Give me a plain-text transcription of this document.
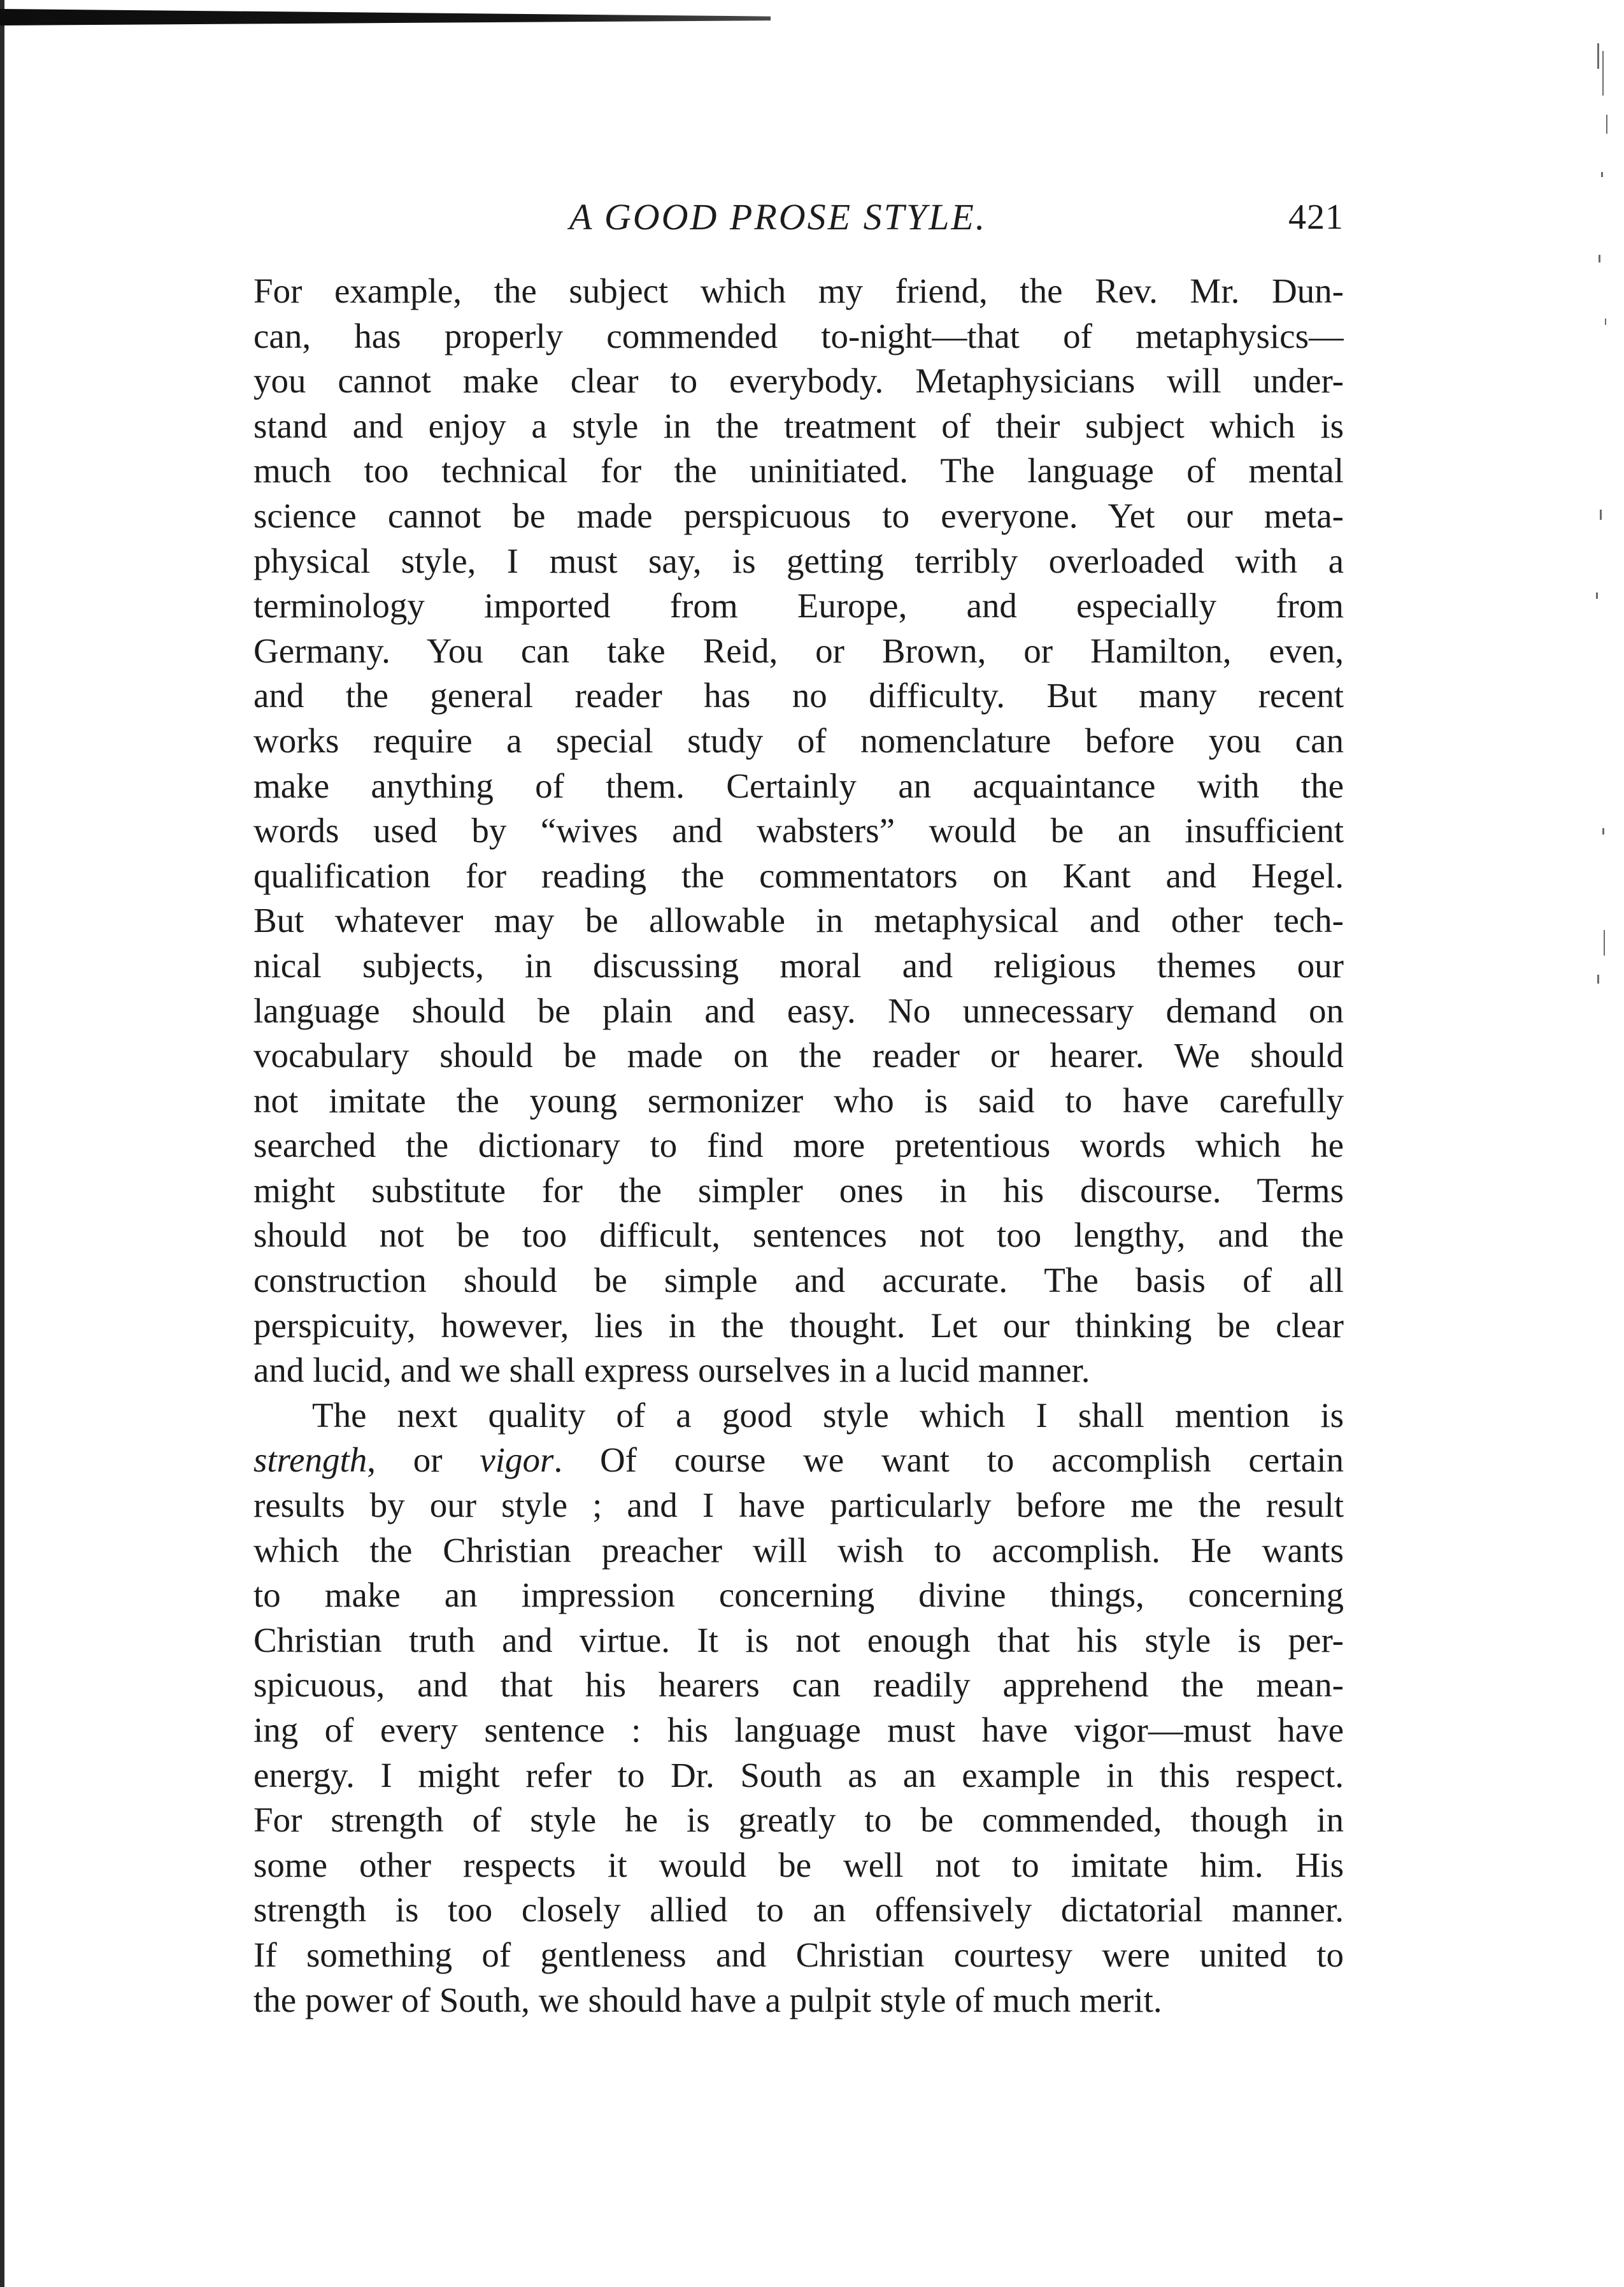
A GOOD PROSE STYLE.	421
For example, the subject which my friend, the Rev. Mr. Dun-
can, has properly commended to-night—that of metaphysics—
you cannot make clear to everybody. Metaphysicians will under-
stand and enjoy a style in the treatment of their subject which is
much too technical for the uninitiated. The language of mental
science cannot be made perspicuous to everyone. Yet our meta-
physical style, I must say, is getting terribly overloaded with a
terminology imported from Europe, and especially from
Germany. You can take Reid, or Brown, or Hamilton, even,
and the general reader has no difficulty. But many recent
works require a special study of nomenclature before you can
make anything of them. Certainly an acquaintance with the
words used by “wives and wabsters” would be an insufficient
qualification for reading the commentators on Kant and Hegel.
But whatever may be allowable in metaphysical and other tech-
nical subjects, in discussing moral and religious themes our
language should be plain and easy. No unnecessary demand on
vocabulary should be made on the reader or hearer. We should
not imitate the young sermonizer who is said to have carefully
searched the dictionary to find more pretentious words which he
might substitute for the simpler ones in his discourse. Terms
should not be too difficult, sentences not too lengthy, and the
construction should be simple and accurate. The basis of all
perspicuity, however, lies in the thought. Let our thinking be clear
and lucid, and we shall express ourselves in a lucid manner.
The next quality of a good style which I shall mention is
strength, or vigor. Of course we want to accomplish certain
results by our style ; and I have particularly before me the result
which the Christian preacher will wish to accomplish. He wants
to make an impression concerning divine things, concerning
Christian truth and virtue. It is not enough that his style is per-
spicuous, and that his hearers can readily apprehend the mean-
ing of every sentence : his language must have vigor—must have
energy. I might refer to Dr. South as an example in this respect.
For strength of style he is greatly to be commended, though in
some other respects it would be well not to imitate him. His
strength is too closely allied to an offensively dictatorial manner.
If something of gentleness and Christian courtesy were united to
the power of South, we should have a pulpit style of much merit.
